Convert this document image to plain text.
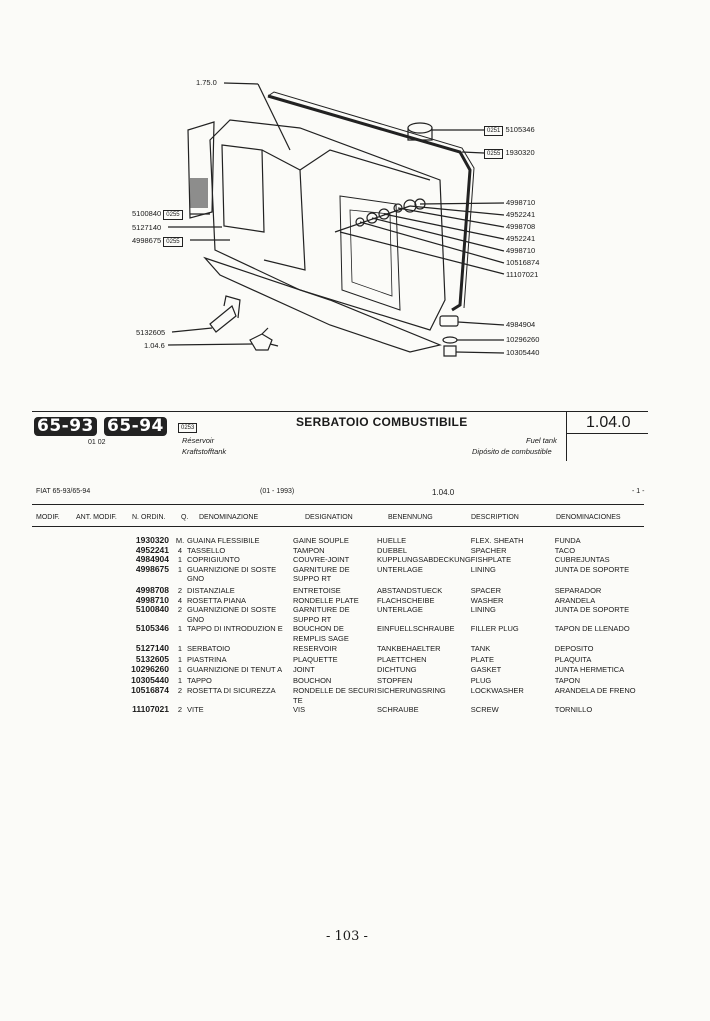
1.75.0
0251 5105346
0255 1930320
4998710
4952241
4998708
4952241
4998710
10516874
11107021
4984904
10296260
10305440
5100840 0255
5127140
4998675 0255
5132605
1.04.6
65-93 65-94
01 02
0253	SERBATOIO COMBUSTIBILE
Réservoir
Kraftstofftank
Fuel tank
Dipósito de combustible
1.04.0
FIAT 65-93/65-94	(01 - 1993)	1.04.0	- 1 -
MODIF. ANT. MODIF. N. ORDIN. Q. DENOMINAZIONE	DESIGNATION	BENENNUNG	DESCRIPTION	DENOMINACIONES
1930320	M.	GUAINA FLESSIBILE	GAINE SOUPLE	HUELLE	FLEX. SHEATH	FUNDA
4952241	4	TASSELLO	TAMPON	DUEBEL	SPACHER	TACO
4984904	1	COPRIGIUNTO	COUVRE-JOINT	KUPPLUNGSABDECKUNG	FISHPLATE	CUBREJUNTAS
4998675	1	GUARNIZIONE DI SOSTE GNO	GARNITURE DE SUPPO RT	UNTERLAGE	LINING	JUNTA DE SOPORTE

4998708	2	DISTANZIALE	ENTRETOISE	ABSTANDSTUECK	SPACER	SEPARADOR
4998710	4	ROSETTA PIANA	RONDELLE PLATE	FLACHSCHEIBE	WASHER	ARANDELA
5100840	2	GUARNIZIONE DI SOSTE GNO	GARNITURE DE SUPPO RT	UNTERLAGE	LINING	JUNTA DE SOPORTE
5105346	1	TAPPO DI INTRODUZION E	BOUCHON DE REMPLIS SAGE	EINFUELLSCHRAUBE	FILLER PLUG	TAPON DE LLENADO
5127140	1	SERBATOIO	RESERVOIR	TANKBEHAELTER	TANK	DEPOSITO

5132605	1	PIASTRINA	PLAQUETTE	PLAETTCHEN	PLATE	PLAQUITA
10296260	1	GUARNIZIONE DI TENUT A	JOINT	DICHTUNG	GASKET	JUNTA HERMETICA

10305440	1	TAPPO	BOUCHON	STOPFEN	PLUG	TAPON
10516874	2	ROSETTA DI SICUREZZA	RONDELLE DE SECURI TE	SICHERUNGSRING	LOCKWASHER	ARANDELA DE FRENO
11107021	2	VITE	VIS	SCHRAUBE	SCREW	TORNILLO
- 103 -
